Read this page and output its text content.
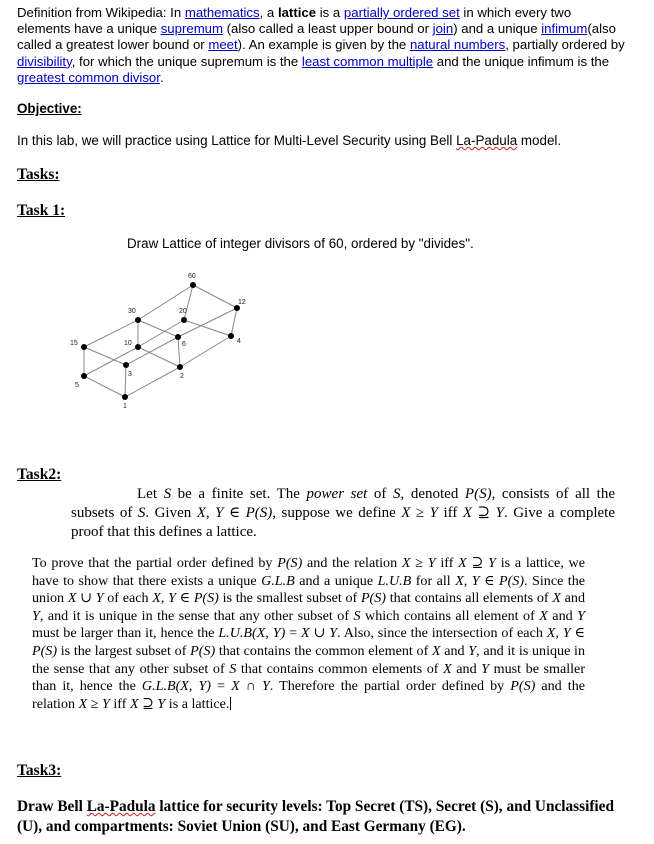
Definition from Wikipedia: In mathematics, a lattice is a partially ordered set in which every two elements have a unique supremum (also called a least upper bound or join) and a unique infimum(also called a greatest lower bound or meet). An example is given by the natural numbers, partially ordered by divisibility, for which the unique supremum is the least common multiple and the unique infimum is the greatest common divisor.
Objective:
In this lab, we will practice using Lattice for Multi-Level Security using Bell La-Padula model.
Tasks:
Task 1:
Draw Lattice of integer divisors of 60, ordered by "divides".
60
12
30	20
4
6
15	10
3	2
5
1
Task2:
Let S be a finite set. The power set of S, denoted P(S), consists of all the subsets of S. Given X, Y ∈ P(S), suppose we define X ≥ Y iff X ⊇ Y. Give a complete proof that this defines a lattice.
To prove that the partial order defined by P(S) and the relation X ≥ Y iff X ⊇ Y is a lattice, we have to show that there exists a unique G.L.B and a unique L.U.B for all X, Y ∈ P(S). Since the union X ∪ Y of each X, Y ∈ P(S) is the smallest subset of P(S) that contains all elements of X and Y, and it is unique in the sense that any other subset of S which contains all element of X and Y must be larger than it, hence the L.U.B(X, Y) = X ∪ Y. Also, since the intersection of each X, Y ∈ P(S) is the largest subset of P(S) that contains the common element of X and Y, and it is unique in the sense that any other subset of S that contains common elements of X and Y must be smaller than it, hence the G.L.B(X, Y) = X ∩ Y. Therefore the partial order defined by P(S) and the relation X ≥ Y iff X ⊇ Y is a lattice.
Task3:
Draw Bell La-Padula lattice for security levels: Top Secret (TS), Secret (S), and Unclassified (U), and compartments: Soviet Union (SU), and East Germany (EG).
